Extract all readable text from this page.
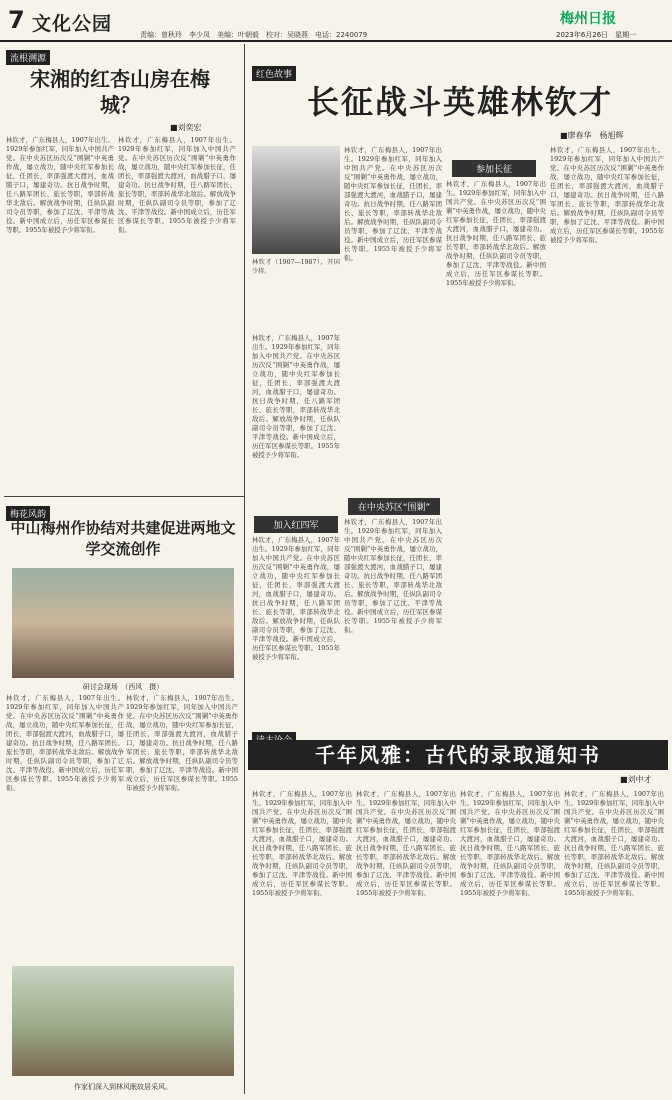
7 文化公园	责编：曾秋玲　李少凤　美编：叶朝毅　校对：吴晓燕　电话：2240079
梅州日报
2023年6月26日　星期一
流根溯源
宋湘的红杏山房在梅城？
■刘奕宏
林钦才，广东梅县人，1907年出生。1929年参加红军，同年加入中国共产党。在中央苏区历次反“围剿”中英勇作战，屡立战功，随中央红军参加长征，任团长，率部强渡大渡河，血战腊子口，屡建奇功。抗日战争时期，任八路军团长、旅长等职，率部转战华北敌后。解放战争时期，任纵队副司令员等职，参加了辽沈、平津等战役。新中国成立后，历任军区参谋长等职。1955年被授予少将军衔。
林钦才，广东梅县人，1907年出生。1929年参加红军，同年加入中国共产党。在中央苏区历次反“围剿”中英勇作战，屡立战功，随中央红军参加长征，任团长，率部强渡大渡河，血战腊子口，屡建奇功。抗日战争时期，任八路军团长、旅长等职，率部转战华北敌后。解放战争时期，任纵队副司令员等职，参加了辽沈、平津等战役。新中国成立后，历任军区参谋长等职。1955年被授予少将军衔。
梅花风韵
中山梅州作协结对共建促进两地文学交流创作
研讨会现场　（西风　摄）
林钦才，广东梅县人，1907年出生。1929年参加红军，同年加入中国共产党。在中央苏区历次反“围剿”中英勇作战，屡立战功，随中央红军参加长征，任团长，率部强渡大渡河，血战腊子口，屡建奇功。抗日战争时期，任八路军团长、旅长等职，率部转战华北敌后。解放战争时期，任纵队副司令员等职，参加了辽沈、平津等战役。新中国成立后，历任军区参谋长等职。1955年被授予少将军衔。
林钦才，广东梅县人，1907年出生。1929年参加红军，同年加入中国共产党。在中央苏区历次反“围剿”中英勇作战，屡立战功，随中央红军参加长征，任团长，率部强渡大渡河，血战腊子口，屡建奇功。抗日战争时期，任八路军团长、旅长等职，率部转战华北敌后。解放战争时期，任纵队副司令员等职，参加了辽沈、平津等战役。新中国成立后，历任军区参谋长等职。1955年被授予少将军衔。
作家们深入到林风眠故居采风。
红色故事
长征战斗英雄林钦才
■廖春华　杨旭辉
林钦才（1907—1987），开国少将。
林钦才，广东梅县人，1907年出生。1929年参加红军，同年加入中国共产党。在中央苏区历次反“围剿”中英勇作战，屡立战功，随中央红军参加长征，任团长，率部强渡大渡河，血战腊子口，屡建奇功。抗日战争时期，任八路军团长、旅长等职，率部转战华北敌后。解放战争时期，任纵队副司令员等职，参加了辽沈、平津等战役。新中国成立后，历任军区参谋长等职。1955年被授予少将军衔。
加入红四军
林钦才，广东梅县人，1907年出生。1929年参加红军，同年加入中国共产党。在中央苏区历次反“围剿”中英勇作战，屡立战功，随中央红军参加长征，任团长，率部强渡大渡河，血战腊子口，屡建奇功。抗日战争时期，任八路军团长、旅长等职，率部转战华北敌后。解放战争时期，任纵队副司令员等职，参加了辽沈、平津等战役。新中国成立后，历任军区参谋长等职。1955年被授予少将军衔。
林钦才，广东梅县人，1907年出生。1929年参加红军，同年加入中国共产党。在中央苏区历次反“围剿”中英勇作战，屡立战功，随中央红军参加长征，任团长，率部强渡大渡河，血战腊子口，屡建奇功。抗日战争时期，任八路军团长、旅长等职，率部转战华北敌后。解放战争时期，任纵队副司令员等职，参加了辽沈、平津等战役。新中国成立后，历任军区参谋长等职。1955年被授予少将军衔。
在中央苏区“围剿”
林钦才，广东梅县人，1907年出生。1929年参加红军，同年加入中国共产党。在中央苏区历次反“围剿”中英勇作战，屡立战功，随中央红军参加长征，任团长，率部强渡大渡河，血战腊子口，屡建奇功。抗日战争时期，任八路军团长、旅长等职，率部转战华北敌后。解放战争时期，任纵队副司令员等职，参加了辽沈、平津等战役。新中国成立后，历任军区参谋长等职。1955年被授予少将军衔。
参加长征
林钦才，广东梅县人，1907年出生。1929年参加红军，同年加入中国共产党。在中央苏区历次反“围剿”中英勇作战，屡立战功，随中央红军参加长征，任团长，率部强渡大渡河，血战腊子口，屡建奇功。抗日战争时期，任八路军团长、旅长等职，率部转战华北敌后。解放战争时期，任纵队副司令员等职，参加了辽沈、平津等战役。新中国成立后，历任军区参谋长等职。1955年被授予少将军衔。
林钦才，广东梅县人，1907年出生。1929年参加红军，同年加入中国共产党。在中央苏区历次反“围剿”中英勇作战，屡立战功，随中央红军参加长征，任团长，率部强渡大渡河，血战腊子口，屡建奇功。抗日战争时期，任八路军团长、旅长等职，率部转战华北敌后。解放战争时期，任纵队副司令员等职，参加了辽沈、平津等战役。新中国成立后，历任军区参谋长等职。1955年被授予少将军衔。
千年风雅：古代的录取通知书
■刘中才
林钦才，广东梅县人，1907年出生。1929年参加红军，同年加入中国共产党。在中央苏区历次反“围剿”中英勇作战，屡立战功，随中央红军参加长征，任团长，率部强渡大渡河，血战腊子口，屡建奇功。抗日战争时期，任八路军团长、旅长等职，率部转战华北敌后。解放战争时期，任纵队副司令员等职，参加了辽沈、平津等战役。新中国成立后，历任军区参谋长等职。1955年被授予少将军衔。
林钦才，广东梅县人，1907年出生。1929年参加红军，同年加入中国共产党。在中央苏区历次反“围剿”中英勇作战，屡立战功，随中央红军参加长征，任团长，率部强渡大渡河，血战腊子口，屡建奇功。抗日战争时期，任八路军团长、旅长等职，率部转战华北敌后。解放战争时期，任纵队副司令员等职，参加了辽沈、平津等战役。新中国成立后，历任军区参谋长等职。1955年被授予少将军衔。
林钦才，广东梅县人，1907年出生。1929年参加红军，同年加入中国共产党。在中央苏区历次反“围剿”中英勇作战，屡立战功，随中央红军参加长征，任团长，率部强渡大渡河，血战腊子口，屡建奇功。抗日战争时期，任八路军团长、旅长等职，率部转战华北敌后。解放战争时期，任纵队副司令员等职，参加了辽沈、平津等战役。新中国成立后，历任军区参谋长等职。1955年被授予少将军衔。
林钦才，广东梅县人，1907年出生。1929年参加红军，同年加入中国共产党。在中央苏区历次反“围剿”中英勇作战，屡立战功，随中央红军参加长征，任团长，率部强渡大渡河，血战腊子口，屡建奇功。抗日战争时期，任八路军团长、旅长等职，率部转战华北敌后。解放战争时期，任纵队副司令员等职，参加了辽沈、平津等战役。新中国成立后，历任军区参谋长等职。1955年被授予少将军衔。
